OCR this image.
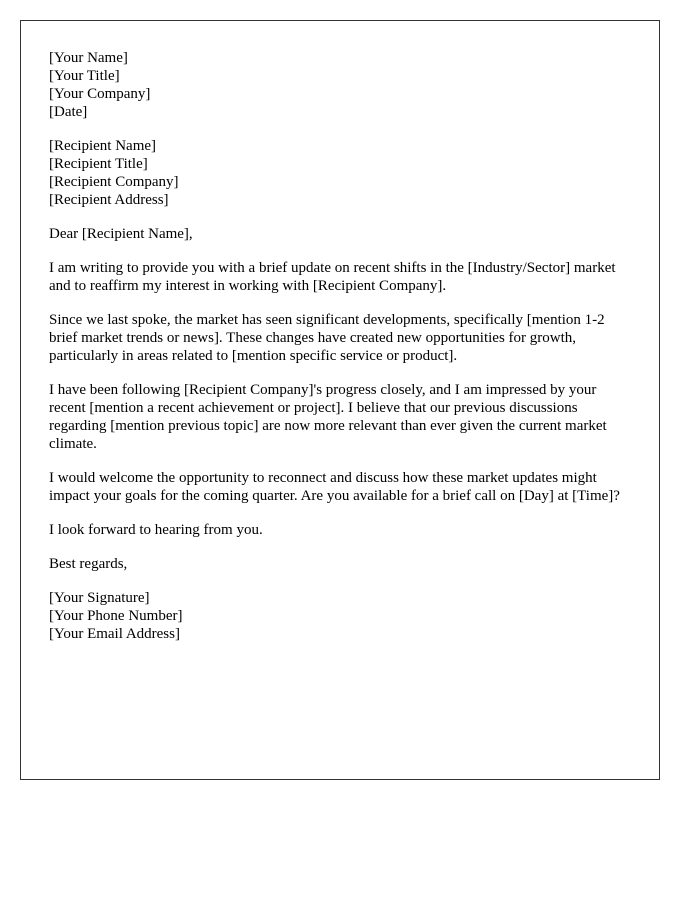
[Your Name]
[Your Title]
[Your Company]
[Date]
[Recipient Name]
[Recipient Title]
[Recipient Company]
[Recipient Address]

Dear [Recipient Name],

I am writing to provide you with a brief update on recent shifts in the [Industry/Sector] market and to reaffirm my interest in working with [Recipient Company].

Since we last spoke, the market has seen significant developments, specifically [mention 1-2 brief market trends or news]. These changes have created new opportunities for growth, particularly in areas related to [mention specific service or product].

I have been following [Recipient Company]'s progress closely, and I am impressed by your recent [mention a recent achievement or project]. I believe that our previous discussions regarding [mention previous topic] are now more relevant than ever given the current market climate.

I would welcome the opportunity to reconnect and discuss how these market updates might impact your goals for the coming quarter. Are you available for a brief call on [Day] at [Time]?

I look forward to hearing from you.

Best regards,

[Your Signature]
[Your Phone Number]
[Your Email Address]
